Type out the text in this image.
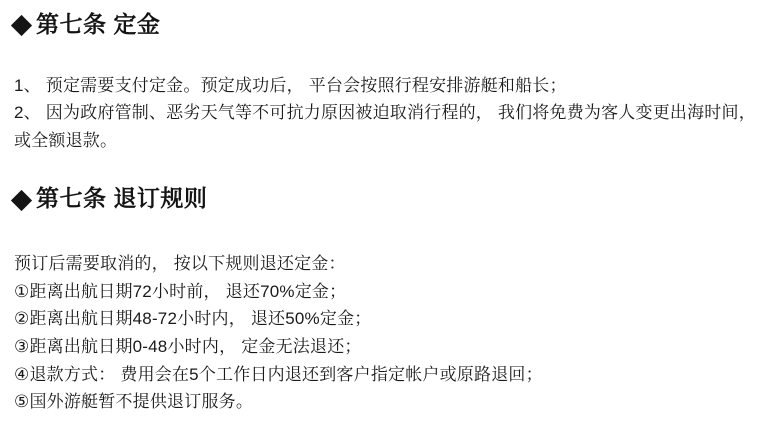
第七条 定金

1、 预定需要支付定金。预定成功后， 平台会按照行程安排游艇和船长；

2、 因为政府管制、恶劣天气等不可抗力原因被迫取消行程的， 我们将免费为客人变更出海时间， 或全额退款。

第七条 退订规则

预订后需要取消的， 按以下规则退还定金：

①距离出航日期72小时前， 退还70%定金；

②距离出航日期48-72小时内， 退还50%定金；

③距离出航日期0-48小时内， 定金无法退还；

④退款方式： 费用会在5个工作日内退还到客户指定帐户或原路退回；

⑤国外游艇暂不提供退订服务。
